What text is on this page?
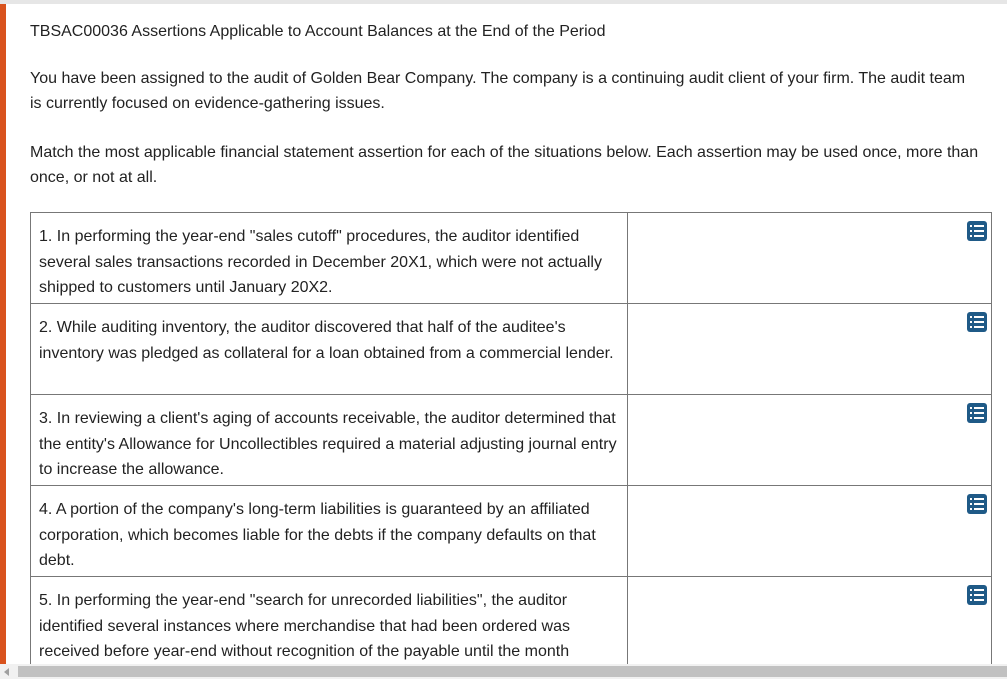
TBSAC00036 Assertions Applicable to Account Balances at the End of the Period
You have been assigned to the audit of Golden Bear Company. The company is a continuing audit client of your firm. The audit team is currently focused on evidence-gathering issues.
Match the most applicable financial statement assertion for each of the situations below. Each assertion may be used once, more than once, or not at all.
1. In performing the year-end "sales cutoff" procedures, the auditor identified several sales transactions recorded in December 20X1, which were not actually shipped to customers until January 20X2.

2. While auditing inventory, the auditor discovered that half of the auditee's inventory was pledged as collateral for a loan obtained from a commercial lender.

3. In reviewing a client's aging of accounts receivable, the auditor determined that the entity's Allowance for Uncollectibles required a material adjusting journal entry to increase the allowance.

4. A portion of the company's long-term liabilities is guaranteed by an affiliated corporation, which becomes liable for the debts if the company defaults on that debt.

5. In performing the year-end "search for unrecorded liabilities", the auditor identified several instances where merchandise that had been ordered was received before year-end without recognition of the payable until the month
